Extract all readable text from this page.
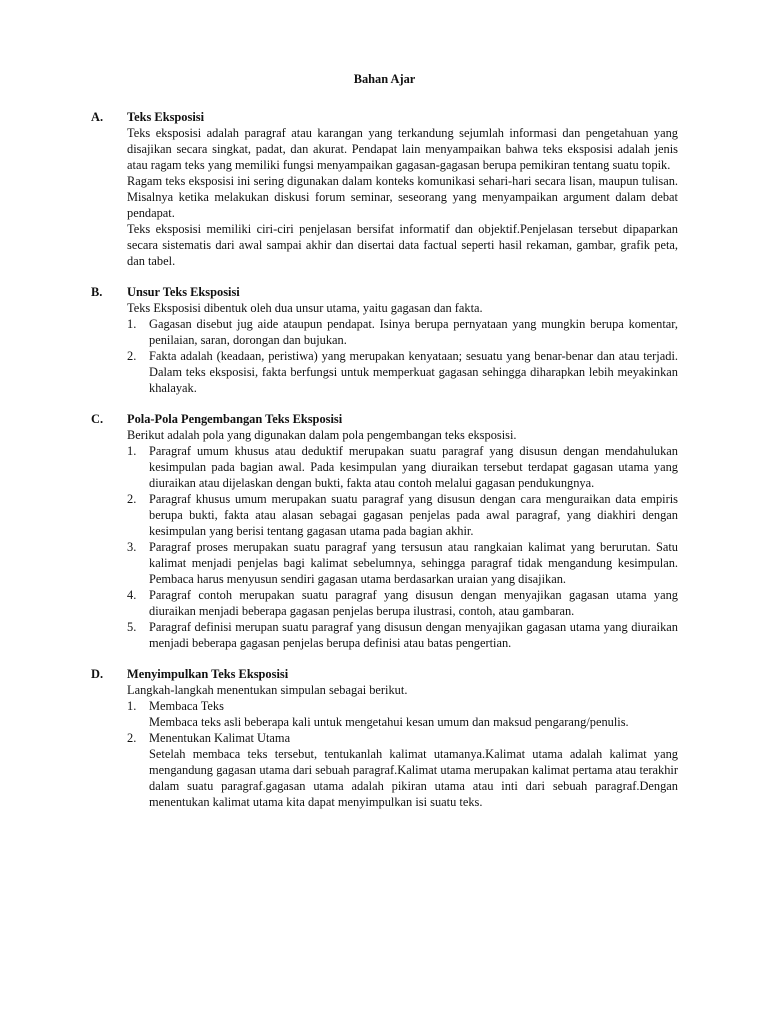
Bahan Ajar
A.	Teks Eksposisi

Teks eksposisi adalah paragraf atau karangan yang terkandung sejumlah informasi dan pengetahuan yang disajikan secara singkat, padat, dan akurat. Pendapat lain menyampaikan bahwa teks eksposisi adalah jenis atau ragam teks yang memiliki fungsi menyampaikan gagasan-gagasan berupa pemikiran tentang suatu topik.

Ragam teks eksposisi ini sering digunakan dalam konteks komunikasi sehari-hari secara lisan, maupun tulisan. Misalnya ketika melakukan diskusi forum seminar, seseorang yang menyampaikan argument dalam debat pendapat.

Teks eksposisi memiliki ciri-ciri penjelasan bersifat informatif dan objektif.Penjelasan tersebut dipaparkan secara sistematis dari awal sampai akhir dan disertai data factual seperti hasil rekaman, gambar, grafik peta, dan tabel.

B.	Unsur Teks Eksposisi

Teks Eksposisi dibentuk oleh dua unsur utama, yaitu gagasan dan fakta.

1.	Gagasan disebut jug aide ataupun pendapat. Isinya berupa pernyataan yang mungkin berupa komentar, penilaian, saran, dorongan dan bujukan.
2.	Fakta adalah (keadaan, peristiwa) yang merupakan kenyataan; sesuatu yang benar-benar dan atau terjadi. Dalam teks eksposisi, fakta berfungsi untuk memperkuat gagasan sehingga diharapkan lebih meyakinkan khalayak.
C.	Pola-Pola Pengembangan Teks Eksposisi

Berikut adalah pola yang digunakan dalam pola pengembangan teks eksposisi.

1.	Paragraf umum khusus atau deduktif merupakan suatu paragraf yang disusun dengan mendahulukan kesimpulan pada bagian awal. Pada kesimpulan yang diuraikan tersebut terdapat gagasan utama yang diuraikan atau dijelaskan dengan bukti, fakta atau contoh melalui gagasan pendukungnya.
2.	Paragraf khusus umum merupakan suatu paragraf yang disusun dengan cara menguraikan data empiris berupa bukti, fakta atau alasan sebagai gagasan penjelas pada awal paragraf, yang diakhiri dengan kesimpulan yang berisi tentang gagasan utama pada bagian akhir.
3.	Paragraf proses merupakan suatu paragraf yang tersusun atau rangkaian kalimat yang berurutan. Satu kalimat menjadi penjelas bagi kalimat sebelumnya, sehingga paragraf tidak mengandung kesimpulan. Pembaca harus menyusun sendiri gagasan utama berdasarkan uraian yang disajikan.
4.	Paragraf contoh merupakan suatu paragraf yang disusun dengan menyajikan gagasan utama yang diuraikan menjadi beberapa gagasan penjelas berupa ilustrasi, contoh, atau gambaran.
5.	Paragraf definisi merupan suatu paragraf yang disusun dengan menyajikan gagasan utama yang diuraikan menjadi beberapa gagasan penjelas berupa definisi atau batas pengertian.
D.	Menyimpulkan Teks Eksposisi

Langkah-langkah menentukan simpulan sebagai berikut.

1.	Membaca Teks
Membaca teks asli beberapa kali untuk mengetahui kesan umum dan maksud pengarang/penulis.
2.	Menentukan Kalimat Utama
Setelah membaca teks tersebut, tentukanlah kalimat utamanya.Kalimat utama adalah kalimat yang mengandung gagasan utama dari sebuah paragraf.Kalimat utama merupakan kalimat pertama atau terakhir dalam suatu paragraf.gagasan utama adalah pikiran utama atau inti dari sebuah paragraf.Dengan menentukan kalimat utama kita dapat menyimpulkan isi suatu teks.
